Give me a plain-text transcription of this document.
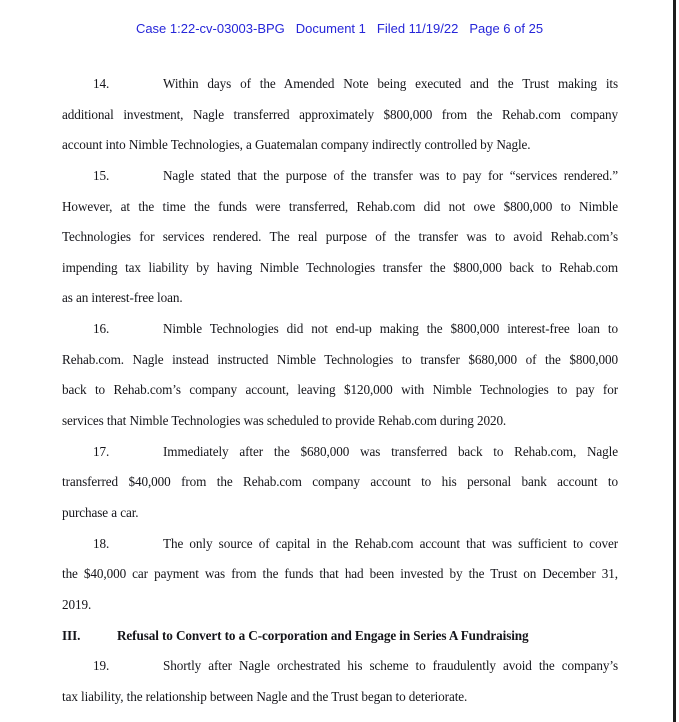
Case 1:22-cv-03003-BPG Document 1 Filed 11/19/22 Page 6 of 25
14.	Within days of the Amended Note being executed and the Trust making its
additional investment, Nagle transferred approximately $800,000 from the Rehab.com company
account into Nimble Technologies, a Guatemalan company indirectly controlled by Nagle.
15.	Nagle stated that the purpose of the transfer was to pay for “services rendered.”
However, at the time the funds were transferred, Rehab.com did not owe $800,000 to Nimble
Technologies for services rendered. The real purpose of the transfer was to avoid Rehab.com’s
impending tax liability by having Nimble Technologies transfer the $800,000 back to Rehab.com
as an interest-free loan.
16.	Nimble Technologies did not end-up making the $800,000 interest-free loan to
Rehab.com. Nagle instead instructed Nimble Technologies to transfer $680,000 of the $800,000
back to Rehab.com’s company account, leaving $120,000 with Nimble Technologies to pay for
services that Nimble Technologies was scheduled to provide Rehab.com during 2020.
17.	Immediately after the $680,000 was transferred back to Rehab.com, Nagle
transferred $40,000 from the Rehab.com company account to his personal bank account to
purchase a car.
18.	The only source of capital in the Rehab.com account that was sufficient to cover
the $40,000 car payment was from the funds that had been invested by the Trust on December 31,
2019.
III.	Refusal to Convert to a C-corporation and Engage in Series A Fundraising
19.	Shortly after Nagle orchestrated his scheme to fraudulently avoid the company’s
tax liability, the relationship between Nagle and the Trust began to deteriorate.
